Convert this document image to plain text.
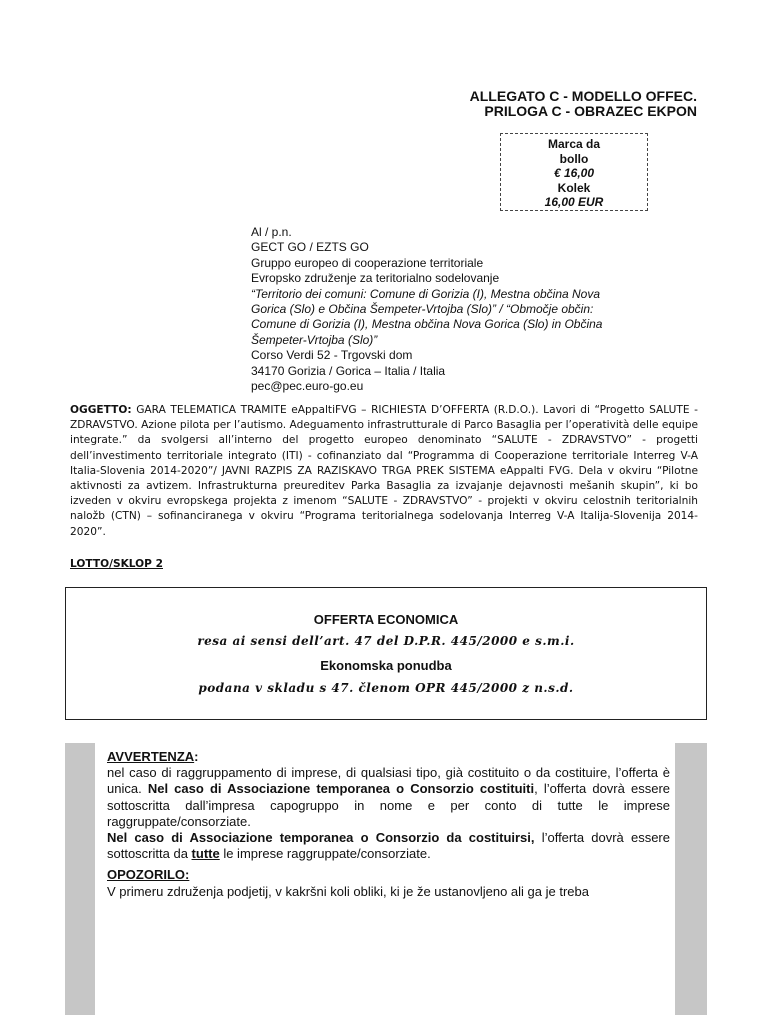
ALLEGATO C - MODELLO OFFEC.
PRILOGA C - OBRAZEC EKPON
Marca da
bollo
€ 16,00
Kolek
16,00 EUR
Al / p.n.
GECT GO / EZTS GO
Gruppo europeo di cooperazione territoriale
Evropsko združenje za teritorialno sodelovanje
“Territorio dei comuni: Comune di Gorizia (I), Mestna občina Nova
Gorica (Slo) e Občina Šempeter-Vrtojba (Slo)” / “Območje občin:
Comune di Gorizia (I), Mestna občina Nova Gorica (Slo) in Občina
Šempeter-Vrtojba (Slo)”
Corso Verdi 52 - Trgovski dom
34170 Gorizia / Gorica – Italia / Italia
pec@pec.euro-go.eu
OGGETTO: GARA TELEMATICA TRAMITE eAppaltiFVG – RICHIESTA D’OFFERTA (R.D.O.). Lavori di “Progetto SALUTE - ZDRAVSTVO. Azione pilota per l’autismo. Adeguamento infrastrutturale di Parco Basaglia per l’operatività delle equipe integrate.” da svolgersi all’interno del progetto europeo denominato “SALUTE - ZDRAVSTVO” - progetti dell’investimento territoriale integrato (ITI) - cofinanziato dal “Programma di Cooperazione territoriale Interreg V-A Italia-Slovenia 2014-2020”/ JAVNI RAZPIS ZA RAZISKAVO TRGA PREK SISTEMA eAppalti FVG. Dela v okviru “Pilotne aktivnosti za avtizem. Infrastrukturna preureditev Parka Basaglia za izvajanje dejavnosti mešanih skupin”, ki bo izveden v okviru evropskega projekta z imenom “SALUTE - ZDRAVSTVO” - projekti v okviru celostnih teritorialnih naložb (CTN) – sofinanciranega v okviru “Programa teritorialnega sodelovanja Interreg V-A Italija-Slovenija 2014-2020”.
LOTTO/SKLOP 2
OFFERTA ECONOMICA
resa ai sensi dell’art. 47 del D.P.R. 445/2000 e s.m.i.
Ekonomska ponudba
podana v skladu s 47. členom OPR 445/2000 z n.s.d.

AVVERTENZA:

nel caso di raggruppamento di imprese, di qualsiasi tipo, già costituito o da costituire, l’offerta è unica. Nel caso di Associazione temporanea o Consorzio costituiti, l’offerta dovrà essere sottoscritta dall’impresa capogruppo in nome e per conto di tutte le imprese raggruppate/consorziate.

Nel caso di Associazione temporanea o Consorzio da costituirsi, l’offerta dovrà essere sottoscritta da tutte le imprese raggruppate/consorziate.

OPOZORILO:

V primeru združenja podjetij, v kakršni koli obliki, ki je že ustanovljeno ali ga je treba
